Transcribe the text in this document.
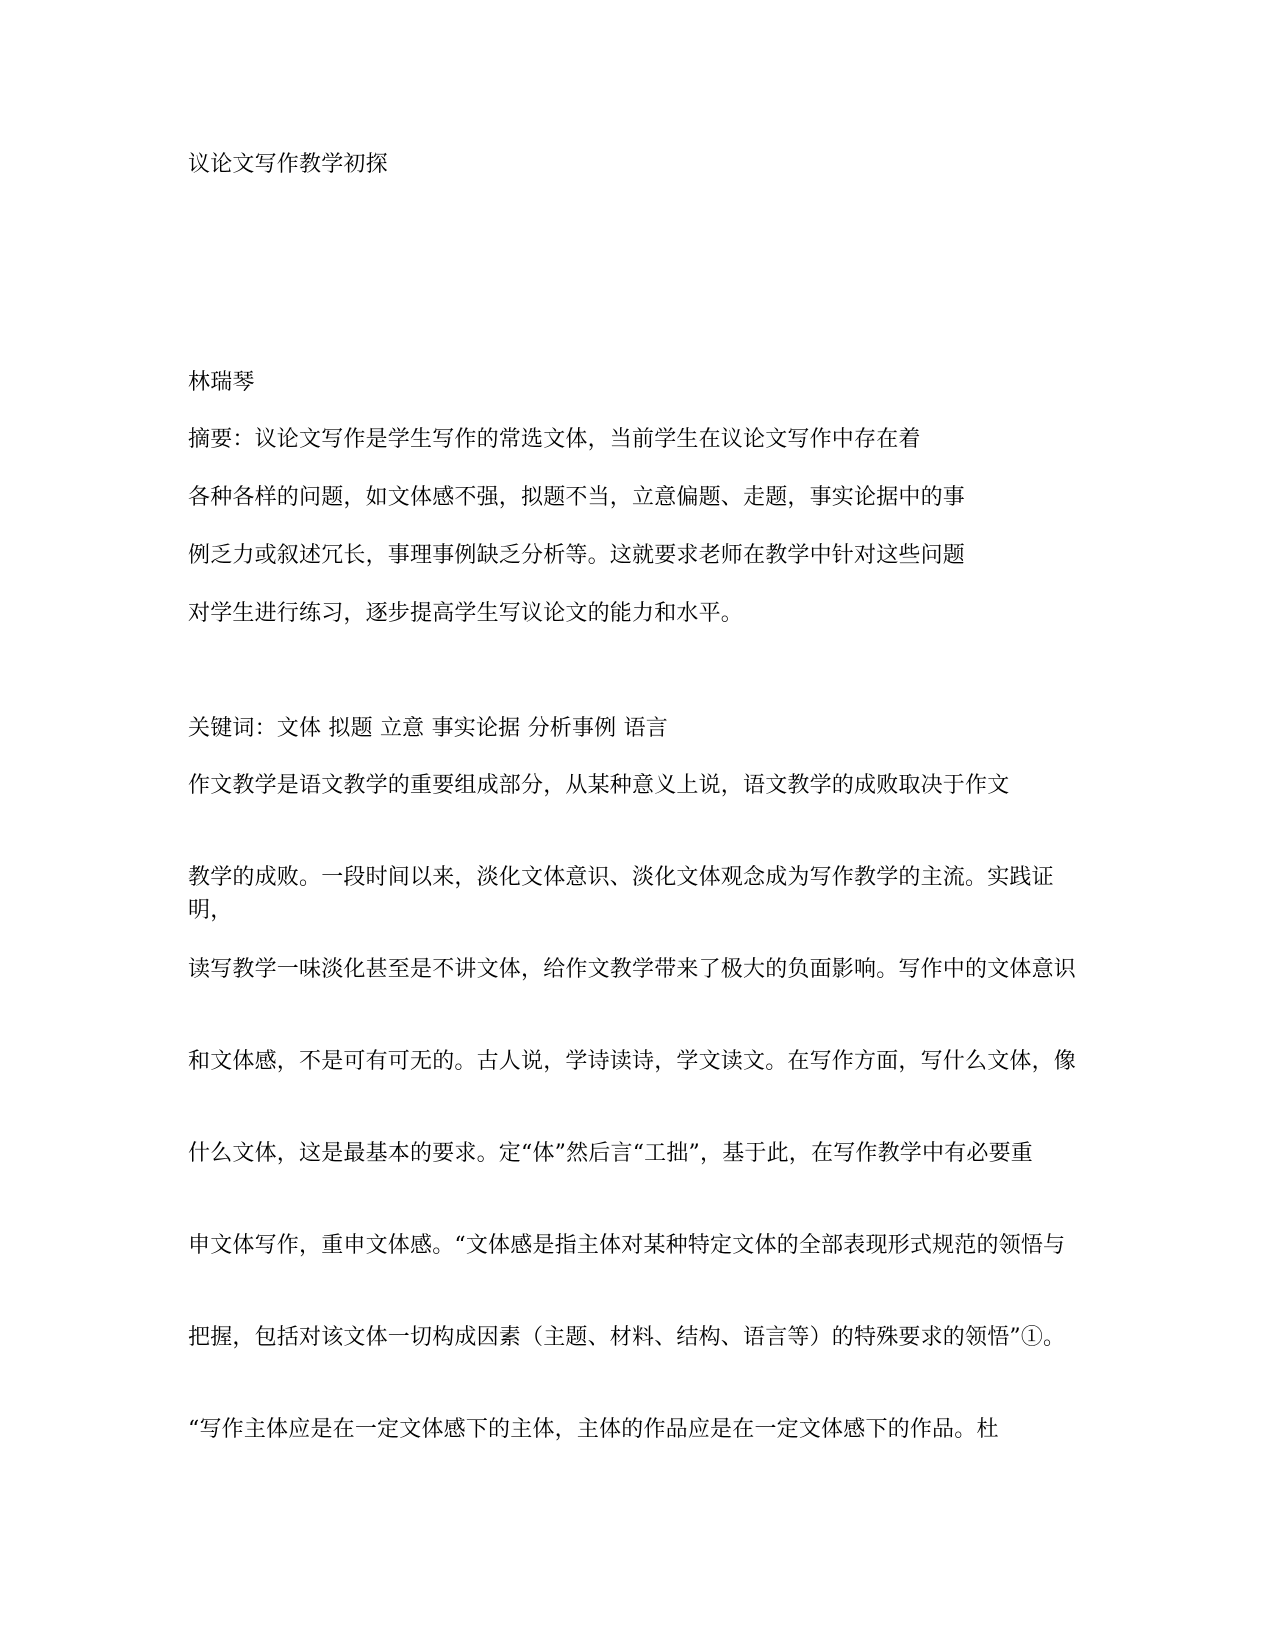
议论文写作教学初探
林瑞琴
摘要：议论文写作是学生写作的常选文体，当前学生在议论文写作中存在着
各种各样的问题，如文体感不强，拟题不当，立意偏题、走题，事实论据中的事
例乏力或叙述冗长，事理事例缺乏分析等。这就要求老师在教学中针对这些问题
对学生进行练习，逐步提高学生写议论文的能力和水平。
关键词：文体 拟题 立意 事实论据 分析事例 语言
作文教学是语文教学的重要组成部分，从某种意义上说，语文教学的成败取决于作文
教学的成败。一段时间以来，淡化文体意识、淡化文体观念成为写作教学的主流。实践证明，
读写教学一味淡化甚至是不讲文体，给作文教学带来了极大的负面影响。写作中的文体意识
和文体感，不是可有可无的。古人说，学诗读诗，学文读文。在写作方面，写什么文体，像
什么文体，这是最基本的要求。定“体”然后言“工拙”，基于此，在写作教学中有必要重
申文体写作，重申文体感。“文体感是指主体对某种特定文体的全部表现形式规范的领悟与
把握，包括对该文体一切构成因素（主题、材料、结构、语言等）的特殊要求的领悟”①。
“写作主体应是在一定文体感下的主体，主体的作品应是在一定文体感下的作品。杜
